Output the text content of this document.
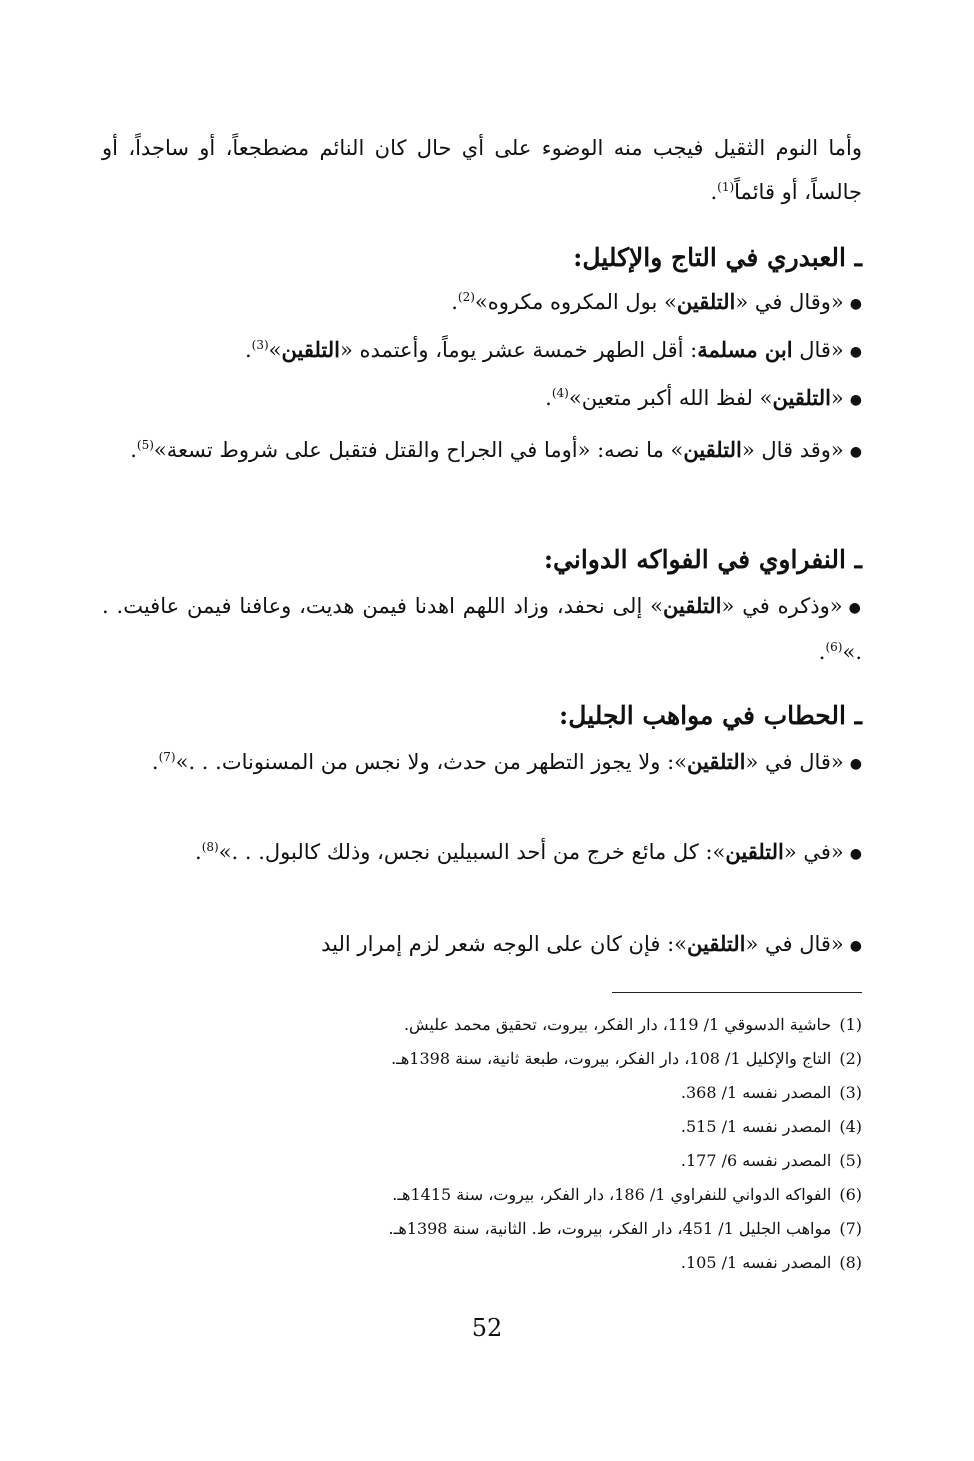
وأما النوم الثقيل فيجب منه الوضوء على أي حال كان النائم مضطجعاً، أو ساجداً، أو جالساً، أو قائماً$^{(1)}$.
ـ العبدري في التاج والإكليل:
●«وقال في «التلقين» بول المكروه مكروه»$^{(2)}$.
●«قال ابن مسلمة: أقل الطهر خمسة عشر يوماً، وأعتمده «التلقين»$^{(3)}$.
●«التلقين» لفظ الله أكبر متعين»$^{(4)}$.
●«وقد قال «التلقين» ما نصه: «أوما في الجراح والقتل فتقبل على شروط تسعة»$^{(5)}$.
ـ النفراوي في الفواكه الدواني:
●«وذكره في «التلقين» إلى نحفد، وزاد اللهم اهدنا فيمن هديت، وعافنا فيمن عافيت. . .»$^{(6)}$.
ـ الحطاب في مواهب الجليل:
●«قال في «التلقين»: ولا يجوز التطهر من حدث، ولا نجس من المسنونات. . .»$^{(7)}$.
●«في «التلقين»: كل مائع خرج من أحد السبيلين نجس، وذلك كالبول. . .»$^{(8)}$.
●«قال في «التلقين»: فإن كان على الوجه شعر لزم إمرار اليد
(1)حاشية الدسوقي 1/ 119، دار الفكر، بيروت، تحقيق محمد عليش.
(2)التاج والإكليل 1/ 108، دار الفكر، بيروت، طبعة ثانية، سنة 1398هـ.
(3)المصدر نفسه 1/ 368.
(4)المصدر نفسه 1/ 515.
(5)المصدر نفسه 6/ 177.
(6)الفواكه الدواني للنفراوي 1/ 186، دار الفكر، بيروت، سنة 1415هـ.
(7)مواهب الجليل 1/ 451، دار الفكر، بيروت، ط. الثانية، سنة 1398هـ.
(8)المصدر نفسه 1/ 105.
52
